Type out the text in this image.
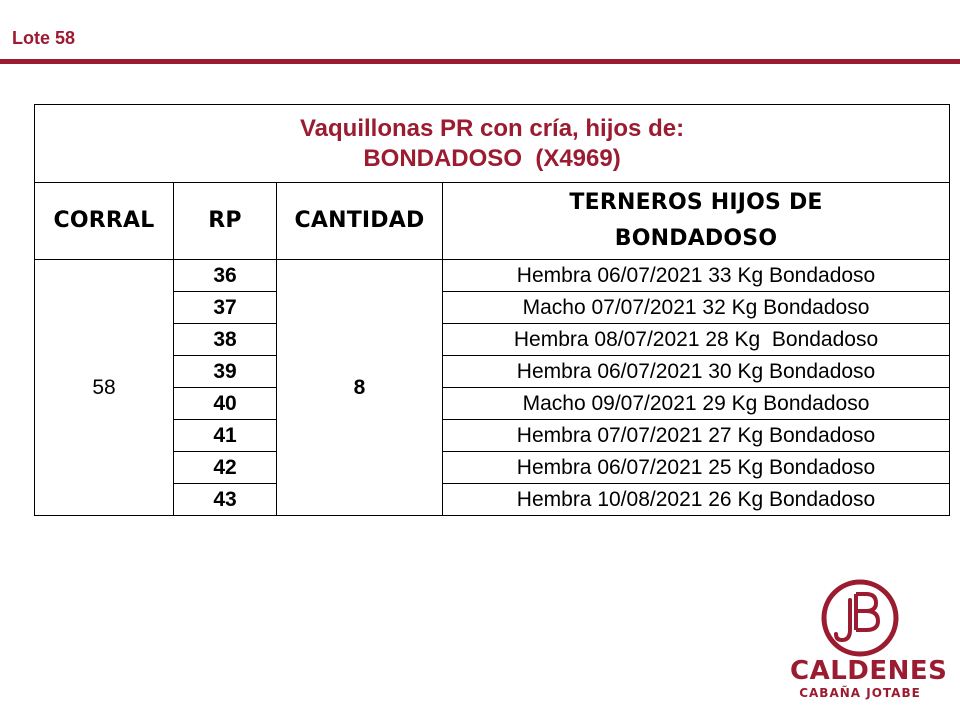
Lote 58
Vaquillonas PR con cría, hijos de:
BONDADOSO  (X4969)			

CORRAL	RP	CANTIDAD	TERNEROS HIJOS DE
BONDADOSO

58	36	8	Hembra 06/07/2021 33 Kg Bondadoso
	37		Macho 07/07/2021 32 Kg Bondadoso
	38		Hembra 08/07/2021 28 Kg  Bondadoso
	39		Hembra 06/07/2021 30 Kg Bondadoso
	40		Macho 09/07/2021 29 Kg Bondadoso
	41		Hembra 07/07/2021 27 Kg Bondadoso
	42		Hembra 06/07/2021 25 Kg Bondadoso
	43		Hembra 10/08/2021 26 Kg Bondadoso
CALDENES
CABAÑA JOTABE
